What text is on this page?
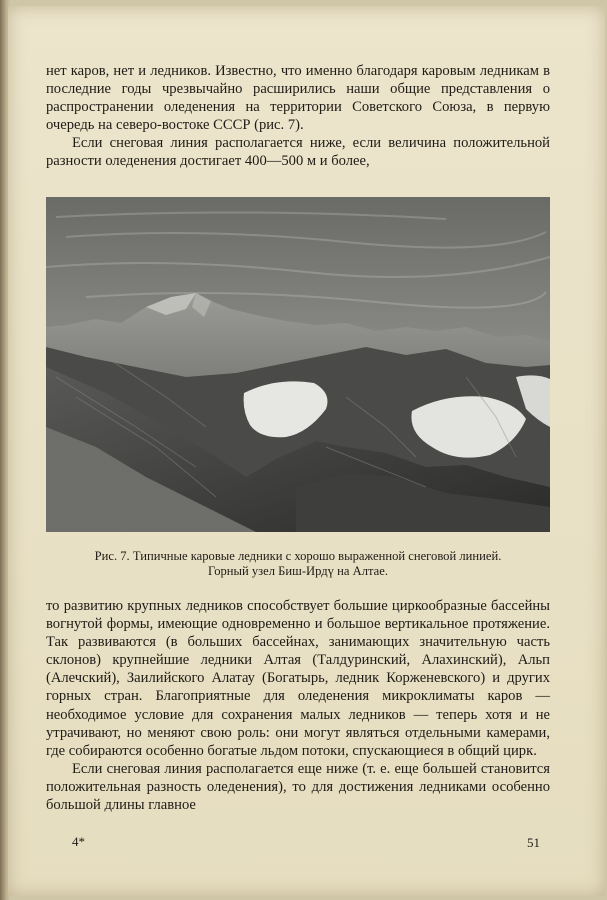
нет каров, нет и ледников. Известно, что именно благодаря каровым ледникам в последние годы чрезвычайно расширились наши общие представления о распространении оледенения на территории Советского Союза, в первую очередь на северо-востоке СССР (рис. 7).

Если снеговая линия располагается ниже, если величина положительной разности оледенения достигает 400—500 м и более,

Рис. 7. Типичные каровые ледники с хорошо выраженной снеговой линией.
Горный узел Биш-Ирдү на Алтае.

то развитию крупных ледников способствует большие циркообразные бассейны вогнутой формы, имеющие одновременно и большое вертикальное протяжение. Так развиваются (в больших бассейнах, занимающих значительную часть склонов) крупнейшие ледники Алтая (Талдуринский, Алахинский), Альп (Алечский), Заилийского Алатау (Богатырь, ледник Корженевского) и других горных стран. Благоприятные для оледенения микроклиматы каров — необходимое условие для сохранения малых ледников — теперь хотя и не утрачивают, но меняют свою роль: они могут являться отдельными камерами, где собираются особенно богатые льдом потоки, спускающиеся в общий цирк.

Если снеговая линия располагается еще ниже (т. е. еще большей становится положительная разность оледенения), то для достижения ледниками особенно большой длины главное

4*	51
